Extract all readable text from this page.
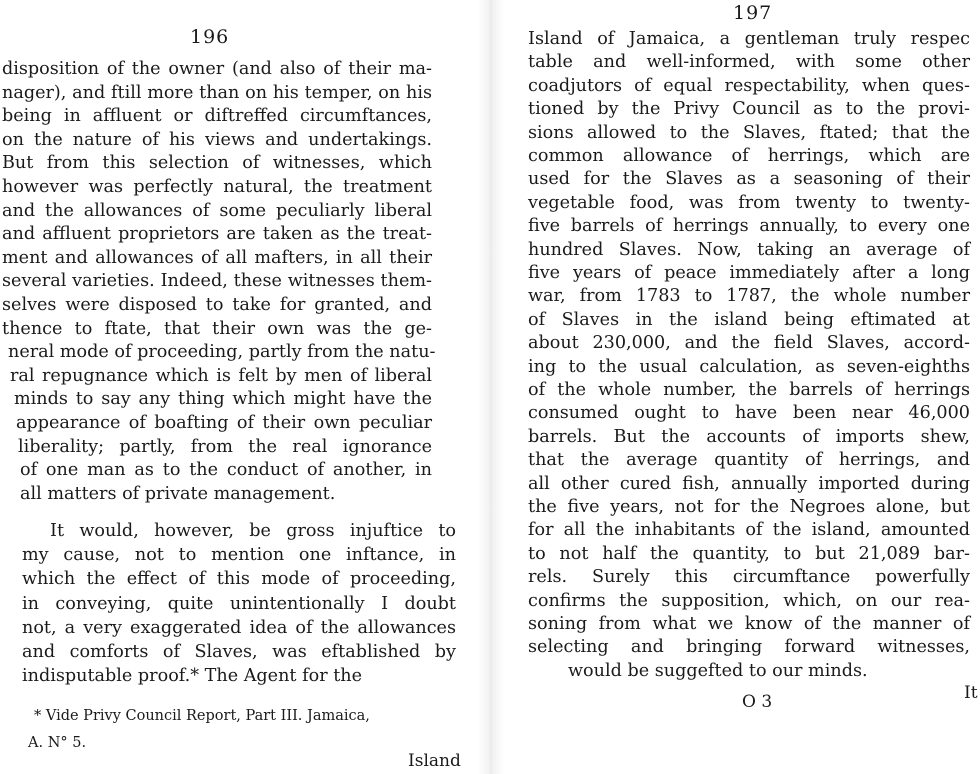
196
disposition of the owner (and also of their ma-
nager), and ftill more than on his temper, on his
being in affluent or diftreffed circumftances,
on the nature of his views and undertakings.
But from this selection of witnesses, which
however was perfectly natural, the treatment
and the allowances of some peculiarly liberal
and affluent proprietors are taken as the treat-
ment and allowances of all mafters, in all their
several varieties. Indeed, these witnesses them-
selves were disposed to take for granted, and
thence to ftate, that their own was the ge-
neral mode of proceeding, partly from the natu-
ral repugnance which is felt by men of liberal
minds to say any thing which might have the
appearance of boafting of their own peculiar
liberality; partly, from the real ignorance
of one man as to the conduct of another, in
all matters of private management.
It would, however, be gross injuftice to
my cause, not to mention one inftance, in
which the effect of this mode of proceeding,
in conveying, quite unintentionally I doubt
not, a very exaggerated idea of the allowances
and comforts of Slaves, was eftablished by
indisputable proof.* The Agent for the
* Vide Privy Council Report, Part III. Jamaica,
A. N° 5.
Island
Island of Jamaica, a gentleman truly respec
table and well-informed, with some other
coadjutors of equal respectability, when ques-
tioned by the Privy Council as to the provi-
sions allowed to the Slaves, ftated; that the
common allowance of herrings, which are
used for the Slaves as a seasoning of their
vegetable food, was from twenty to twenty-
five barrels of herrings annually, to every one
hundred Slaves. Now, taking an average of
five years of peace immediately after a long
war, from 1783 to 1787, the whole number
of Slaves in the island being eftimated at
about 230,000, and the field Slaves, accord-
ing to the usual calculation, as seven-eighths
of the whole number, the barrels of herrings
consumed ought to have been near 46,000
barrels. But the accounts of imports shew,
that the average quantity of herrings, and
all other cured fish, annually imported during
the five years, not for the Negroes alone, but
for all the inhabitants of the island, amounted
to not half the quantity, to but 21,089 bar-
rels. Surely this circumftance powerfully
confirms the supposition, which, on our rea-
soning from what we know of the manner of
selecting and bringing forward witnesses,
would be suggefted to our minds.
O 3	It
197
